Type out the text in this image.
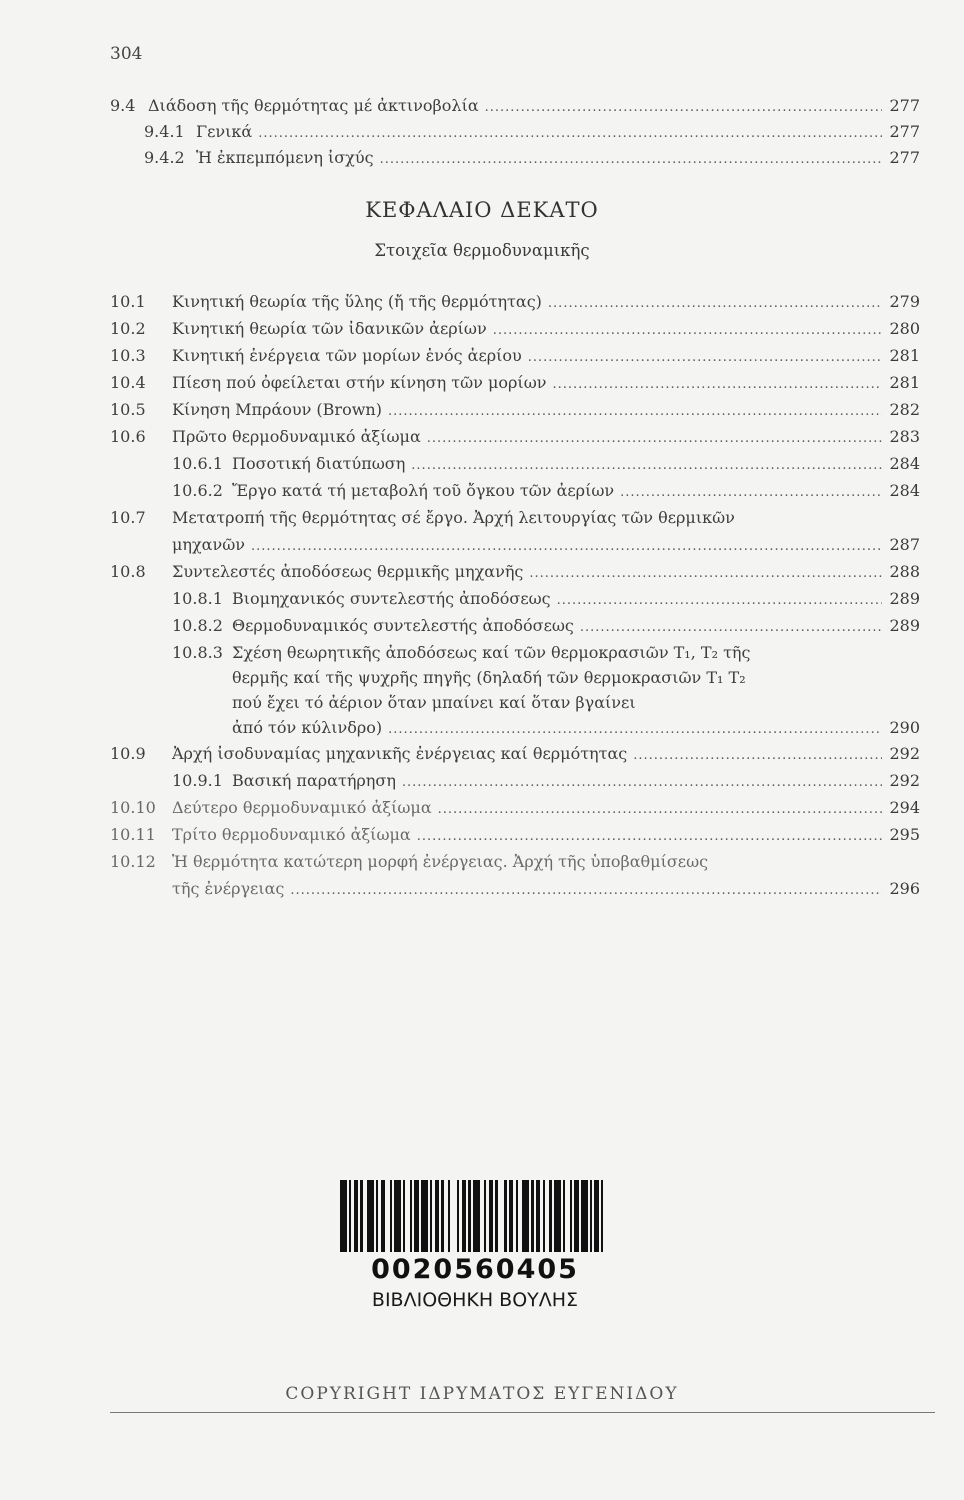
304
9.4 Διάδοση τῆς θερμότητας μέ ἀκτινοβολία .....	277
9.4.1 Γενικά .....	277
9.4.2 Ἡ ἐκπεμπόμενη ἰσχύς .....	277
ΚΕΦΑΛΑΙΟ ΔΕΚΑΤΟ
Στοιχεῖα θερμοδυναμικῆς
10.1	Κινητική θεωρία τῆς ὕλης (ἤ τῆς θερμότητας) .....	279
10.2	Κινητική θεωρία τῶν ἰδανικῶν ἀερίων .....	280
10.3	Κινητική ἐνέργεια τῶν μορίων ἑνός ἀερίου .....	281
10.4	Πίεση πού ὀφείλεται στήν κίνηση τῶν μορίων .....	281
10.5	Κίνηση Μπράουν (Brown) .....	282
10.6	Πρῶτο θερμοδυναμικό ἀξίωμα .....	283
10.6.1 Ποσοτική διατύπωση .....	284
10.6.2 Ἔργο κατά τή μεταβολή τοῦ ὄγκου τῶν ἀερίων .....	284
10.7 Μετατροπή τῆς θερμότητας σέ ἔργο. Ἀρχή λειτουργίας τῶν θερμικῶν
μηχανῶν .....	287
10.8	Συντελεστές ἀποδόσεως θερμικῆς μηχανῆς .....	288
10.8.1 Βιομηχανικός συντελεστής ἀποδόσεως .....	289
10.8.2 Θερμοδυναμικός συντελεστής ἀποδόσεως .....	289
10.8.3 Σχέση θεωρητικῆς ἀποδόσεως καί τῶν θερμοκρασιῶν T₁, T₂ τῆς
θερμῆς καί τῆς ψυχρῆς πηγῆς (δηλαδή τῶν θερμοκρασιῶν T₁ T₂
πού ἔχει τό ἀέριον ὅταν μπαίνει καί ὅταν βγαίνει
ἀπό τόν κύλινδρο) .....	290
10.9	Ἀρχή ἰσοδυναμίας μηχανικῆς ἐνέργειας καί θερμότητας .....	292
10.9.1 Βασική παρατήρηση .....	292
10.10	Δεύτερο θερμοδυναμικό ἀξίωμα .....	294
10.11	Τρίτο θερμοδυναμικό ἀξίωμα .....	295
10.12 Ἡ θερμότητα κατώτερη μορφή ἐνέργειας. Ἀρχή τῆς ὑποβαθμίσεως
τῆς ἐνέργειας .....	296
0020560405
ΒΙΒΛΙΟΘΗΚΗ ΒΟΥΛΗΣ
COPYRIGHT ΙΔΡΥΜΑΤΟΣ ΕΥΓΕΝΙΔΟΥ
